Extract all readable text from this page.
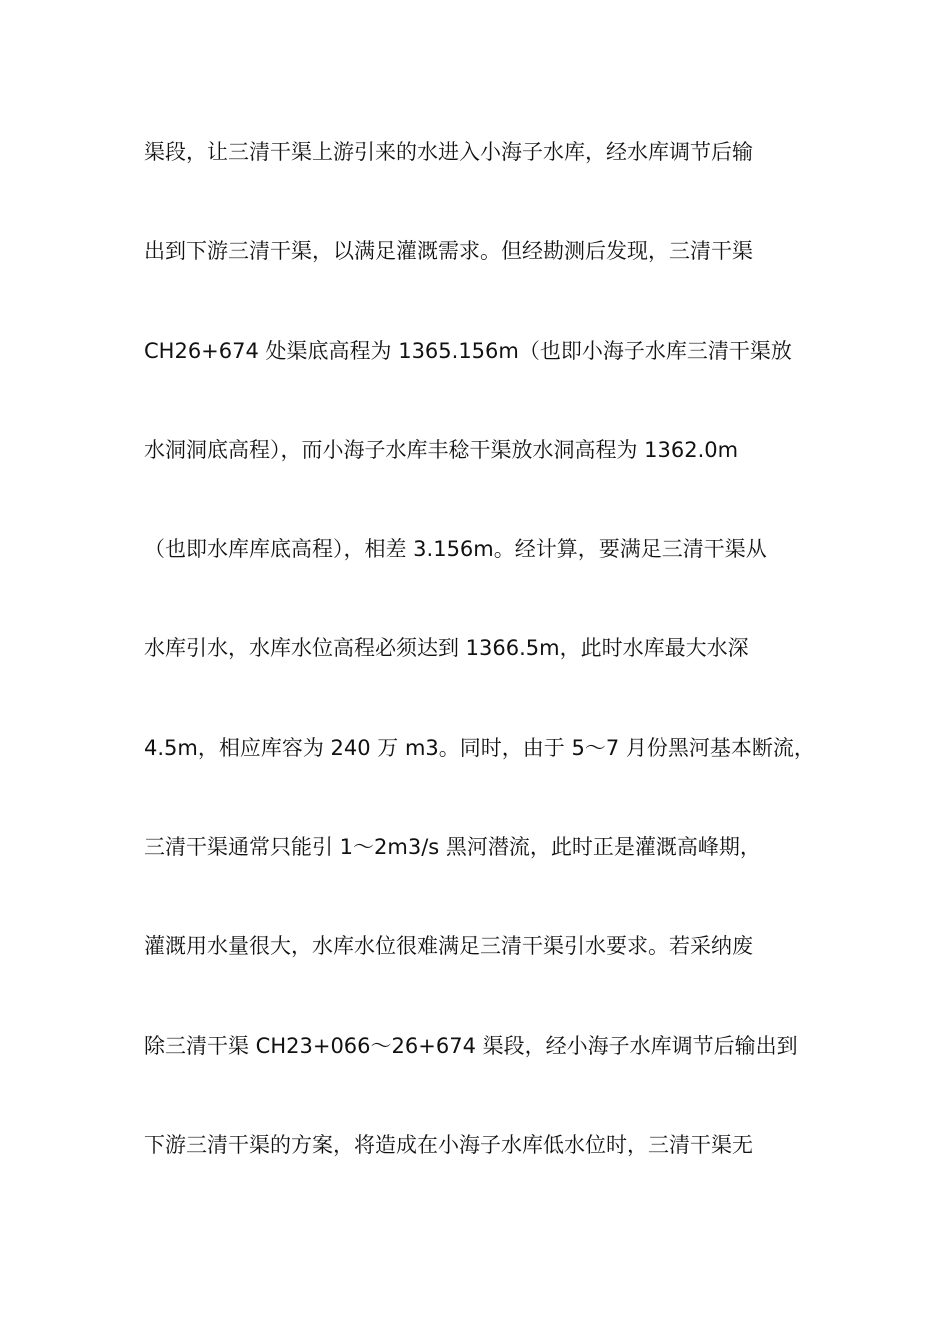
渠段，让三清干渠上游引来的水进入小海子水库，经水库调节后输
出到下游三清干渠，以满足灌溉需求。但经勘测后发现，三清干渠
CH26+674 处渠底高程为 1365.156m（也即小海子水库三清干渠放
水洞洞底高程），而小海子水库丰稔干渠放水洞高程为 1362.0m
（也即水库库底高程），相差 3.156m。经计算，要满足三清干渠从
水库引水，水库水位高程必须达到 1366.5m，此时水库最大水深
4.5m，相应库容为 240 万 m3。同时，由于 5～7 月份黑河基本断流，
三清干渠通常只能引 1～2m3/s 黑河潜流，此时正是灌溉高峰期，
灌溉用水量很大，水库水位很难满足三清干渠引水要求。若采纳废
除三清干渠 CH23+066～26+674 渠段，经小海子水库调节后输出到
下游三清干渠的方案，将造成在小海子水库低水位时，三清干渠无
